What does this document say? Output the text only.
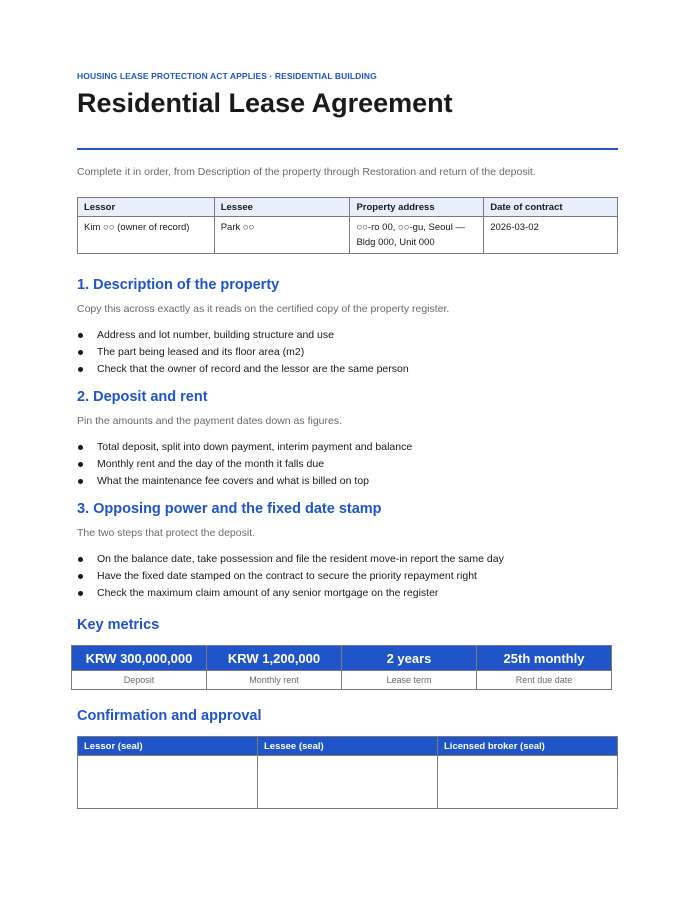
HOUSING LEASE PROTECTION ACT APPLIES · RESIDENTIAL BUILDING
Residential Lease Agreement
Complete it in order, from Description of the property through Restoration and return of the deposit.
Lessor	Lessee	Property address	Date of contract
Kim ○○ (owner of record)	Park ○○	○○-ro 00, ○○-gu, Seoul — Bldg 000, Unit 000	2026-03-02
1. Description of the property
Copy this across exactly as it reads on the certified copy of the property register.
Address and lot number, building structure and use
The part being leased and its floor area (m2)
Check that the owner of record and the lessor are the same person
2. Deposit and rent
Pin the amounts and the payment dates down as figures.
Total deposit, split into down payment, interim payment and balance
Monthly rent and the day of the month it falls due
What the maintenance fee covers and what is billed on top
3. Opposing power and the fixed date stamp
The two steps that protect the deposit.
On the balance date, take possession and file the resident move-in report the same day
Have the fixed date stamped on the contract to secure the priority repayment right
Check the maximum claim amount of any senior mortgage on the register
Key metrics
KRW 300,000,000	KRW 1,200,000	2 years	25th monthly
Deposit	Monthly rent	Lease term	Rent due date
Confirmation and approval
Lessor (seal)	Lessee (seal)	Licensed broker (seal)
